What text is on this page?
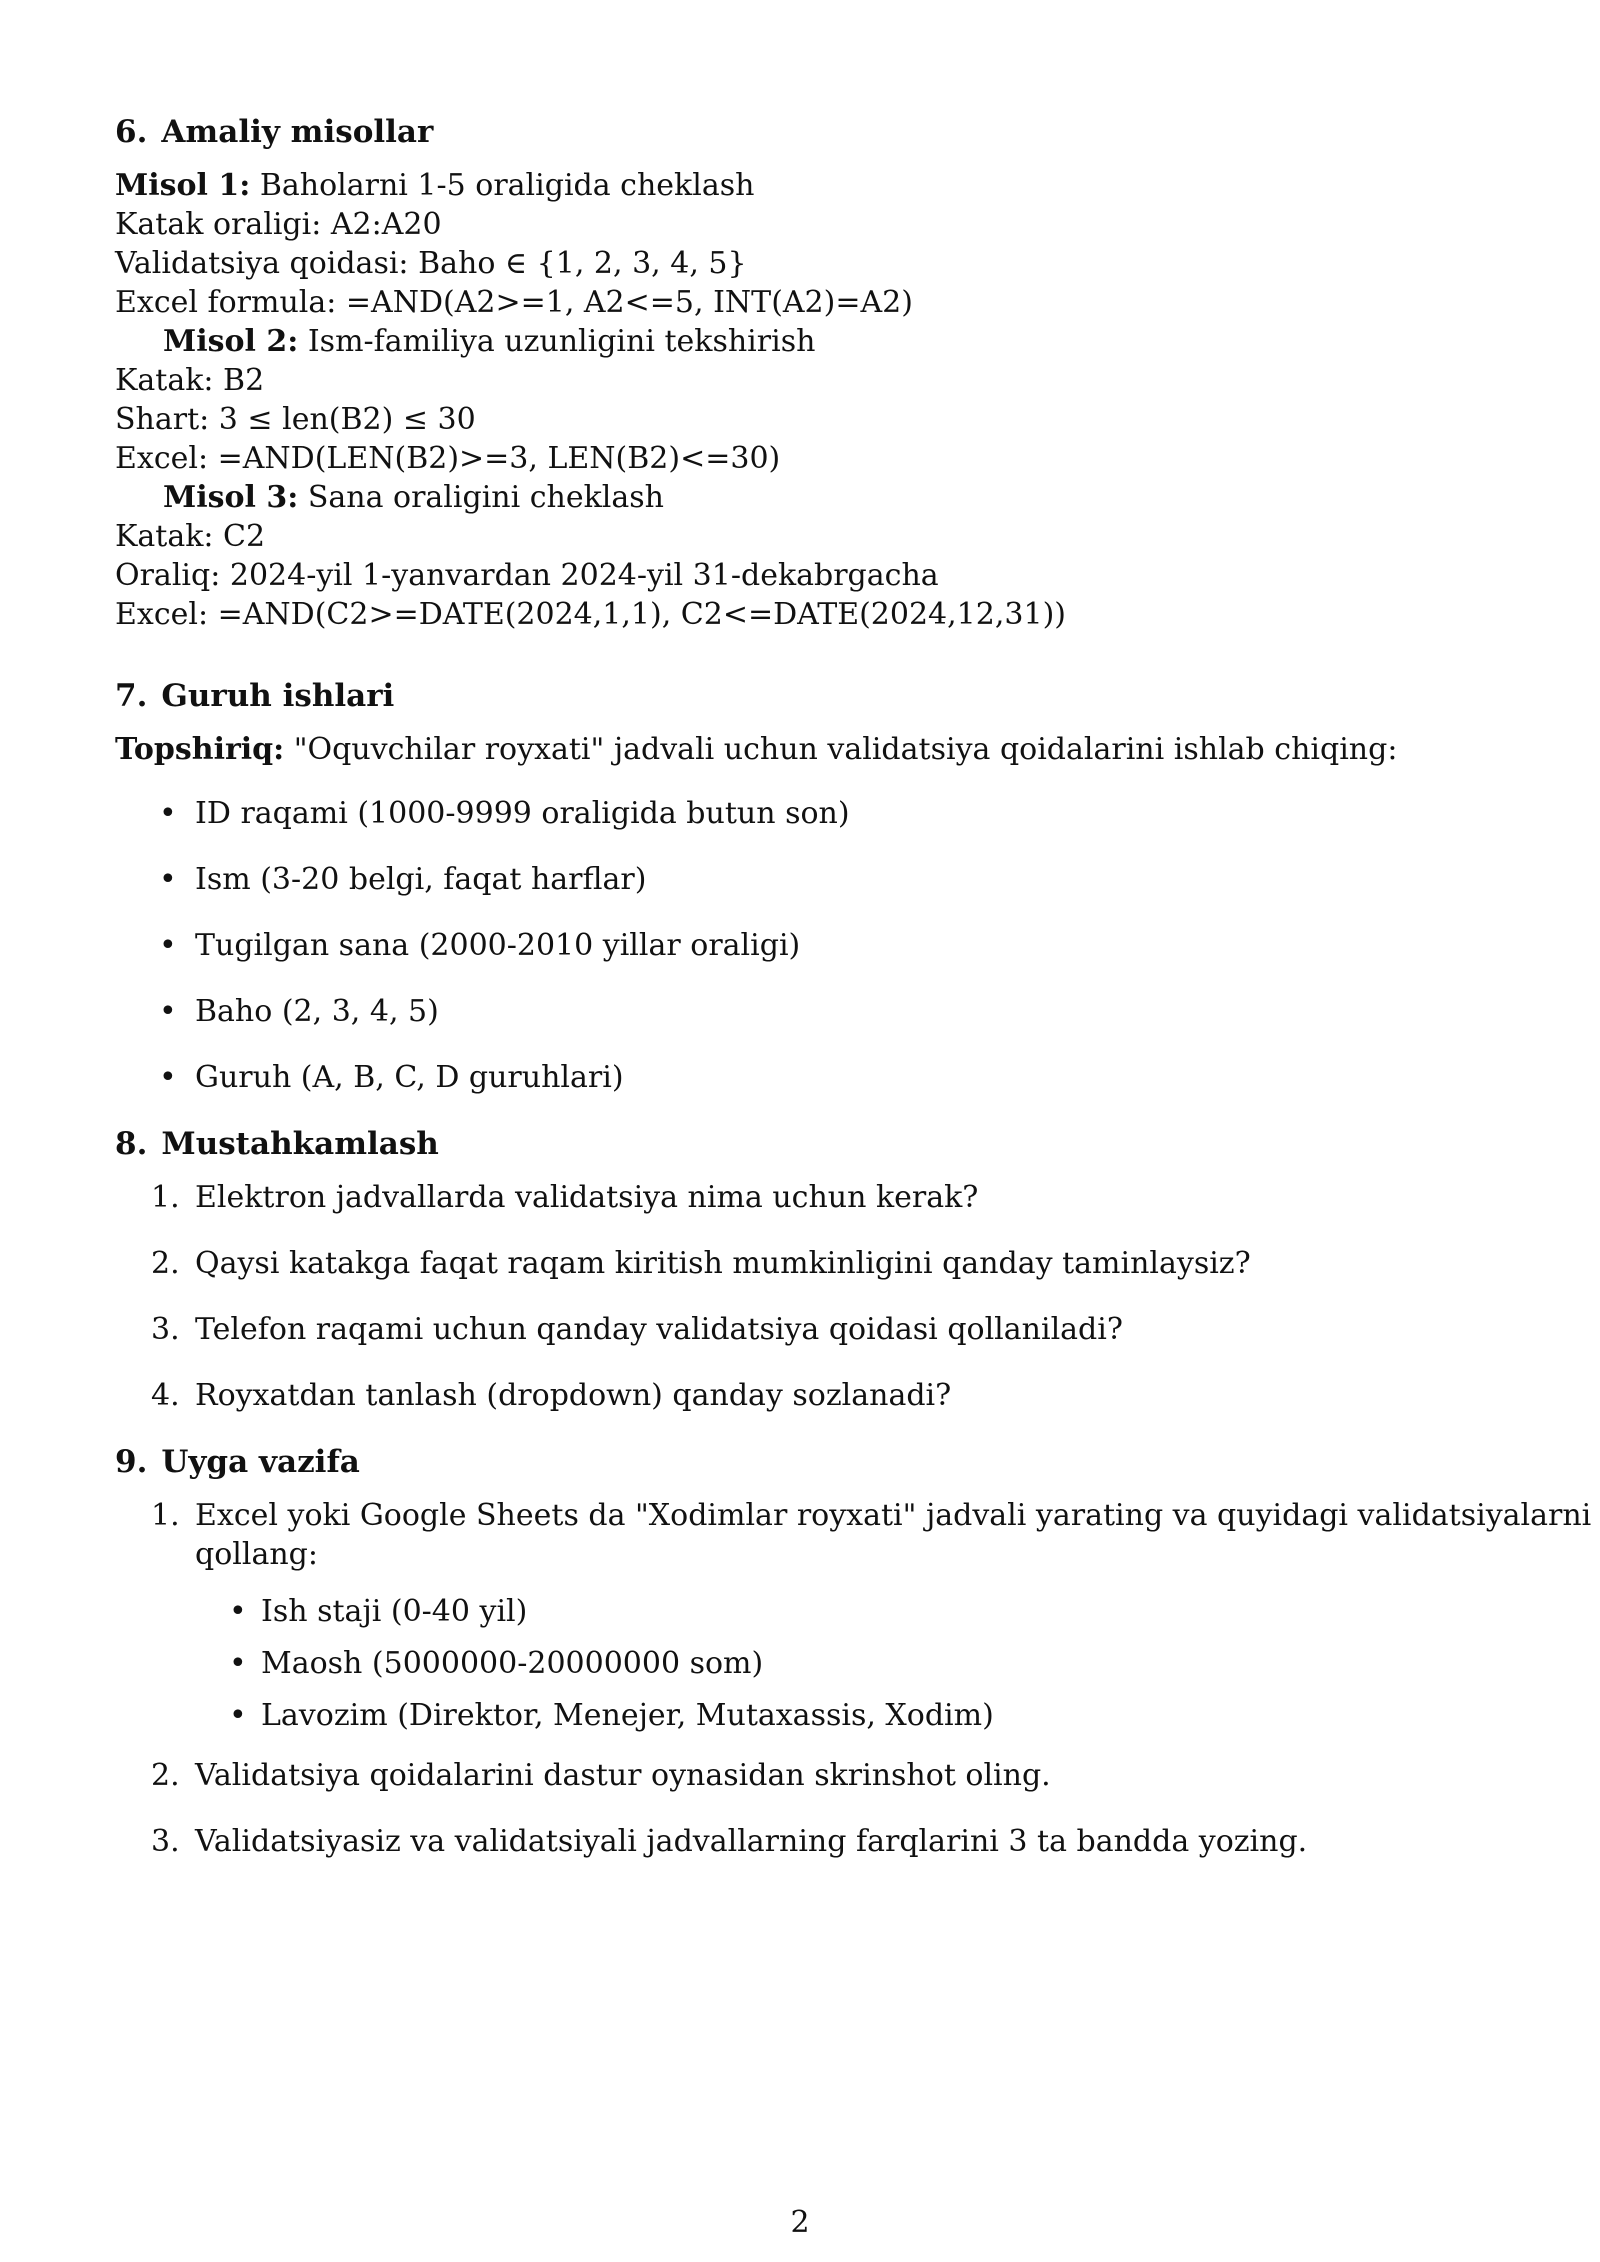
6. Amaliy misollar
Misol 1: Baholarni 1-5 oraligida cheklash
Katak oraligi: A2:A20
Validatsiya qoidasi: Baho ∈ {1, 2, 3, 4, 5}
Excel formula: =AND(A2>=1, A2<=5, INT(A2)=A2)
Misol 2: Ism-familiya uzunligini tekshirish
Katak: B2
Shart: 3 ≤ len(B2) ≤ 30
Excel: =AND(LEN(B2)>=3, LEN(B2)<=30)
Misol 3: Sana oraligini cheklash
Katak: C2
Oraliq: 2024-yil 1-yanvardan 2024-yil 31-dekabrgacha
Excel: =AND(C2>=DATE(2024,1,1), C2<=DATE(2024,12,31))
7. Guruh ishlari
Topshiriq: "Oquvchilar royxati" jadvali uchun validatsiya qoidalarini ishlab chiqing:
• ID raqami (1000-9999 oraligida butun son)
• Ism (3-20 belgi, faqat harflar)
• Tugilgan sana (2000-2010 yillar oraligi)
• Baho (2, 3, 4, 5)
• Guruh (A, B, C, D guruhlari)
8. Mustahkamlash
1. Elektron jadvallarda validatsiya nima uchun kerak?
2. Qaysi katakga faqat raqam kiritish mumkinligini qanday taminlaysiz?
3. Telefon raqami uchun qanday validatsiya qoidasi qollaniladi?
4. Royxatdan tanlash (dropdown) qanday sozlanadi?
9. Uyga vazifa
1. Excel yoki Google Sheets da "Xodimlar royxati" jadvali yarating va quyidagi validatsiyalarni
qollang:
• Ish staji (0-40 yil)
• Maosh (5000000-20000000 som)
• Lavozim (Direktor, Menejer, Mutaxassis, Xodim)
2. Validatsiya qoidalarini dastur oynasidan skrinshot oling.
3. Validatsiyasiz va validatsiyali jadvallarning farqlarini 3 ta bandda yozing.
2
